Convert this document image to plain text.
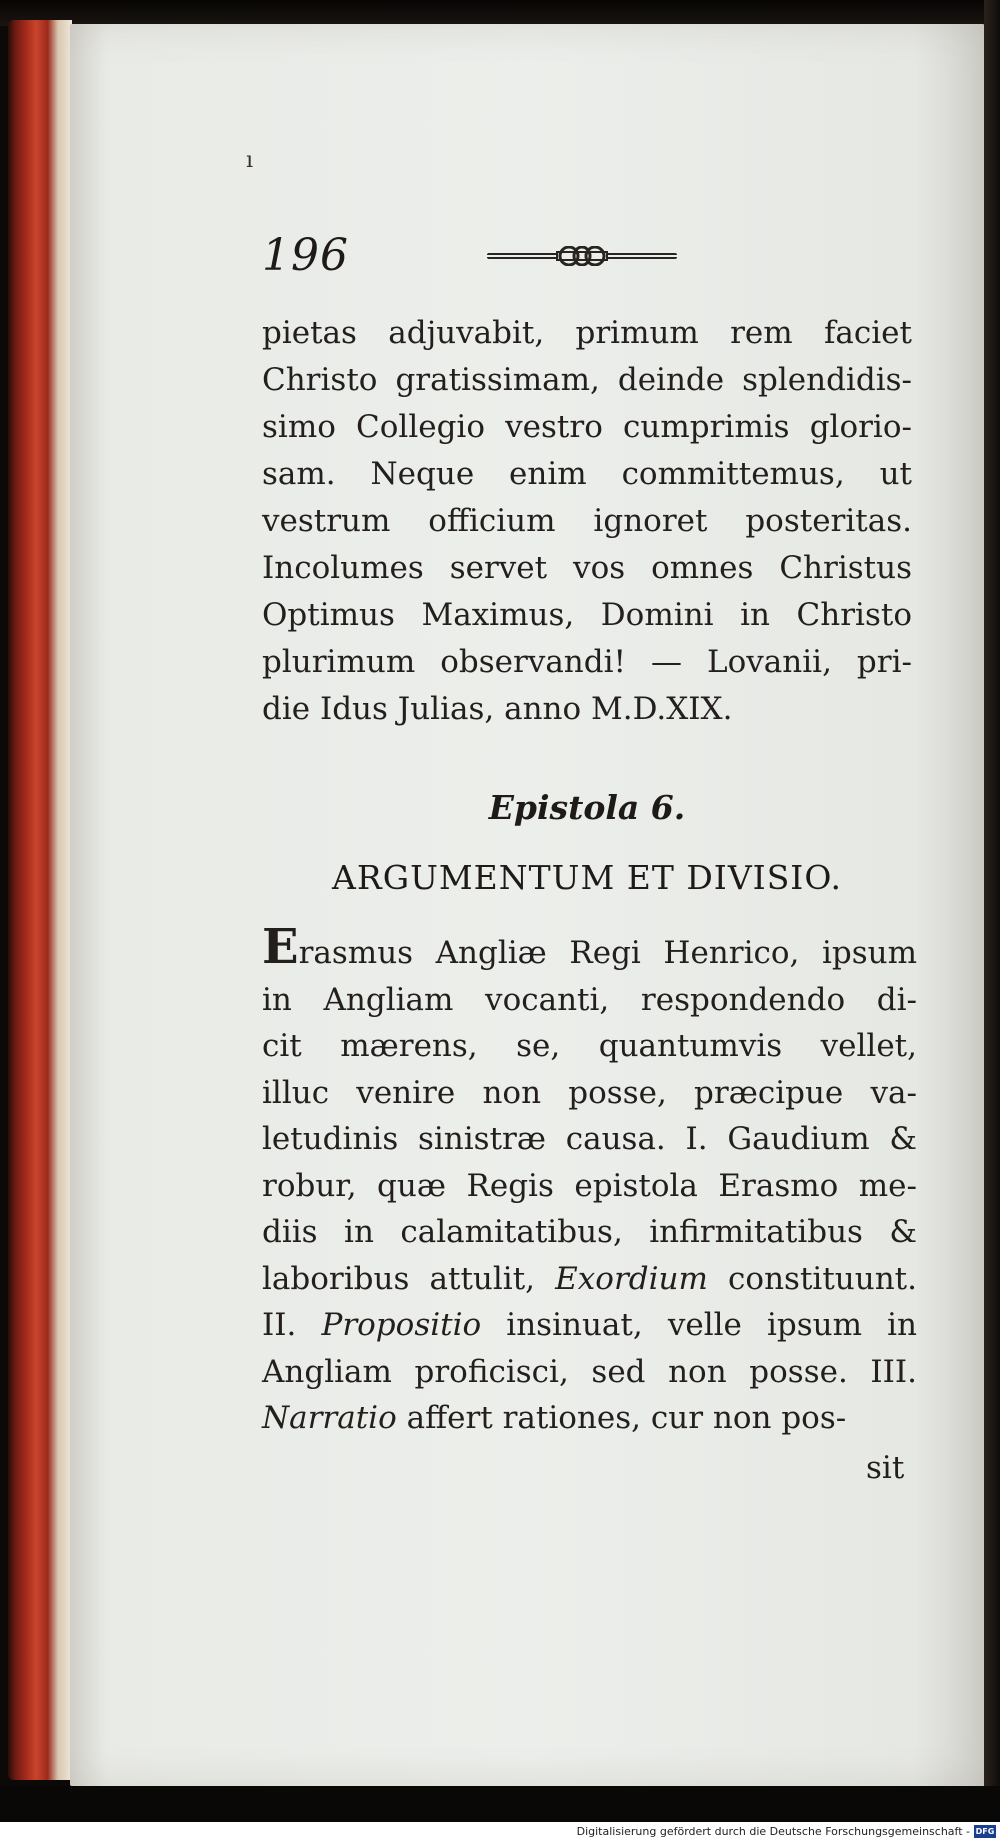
ı
196
pietas adjuvabit, primum rem faciet
Christo gratissimam, deinde splendidis-
simo Collegio vestro cumprimis glorio-
sam. Neque enim committemus, ut
vestrum officium ignoret posteritas.
Incolumes servet vos omnes Christus
Optimus Maximus, Domini in Christo
plurimum observandi! — Lovanii, pri-
die Idus Julias, anno M.D.XIX.
Epistola 6.
ARGUMENTUM ET DIVISIO.
Erasmus Angliæ Regi Henrico, ipsum
in Angliam vocanti, respondendo di-
cit mærens, se, quantumvis vellet,
illuc venire non posse, præcipue va-
letudinis sinistræ causa. I. Gaudium &
robur, quæ Regis epistola Erasmo me-
diis in calamitatibus, infirmitatibus &
laboribus attulit, Exordium constituunt.
II. Propositio insinuat, velle ipsum in
Angliam proficisci, sed non posse. III.
Narratio affert rationes, cur non pos-
sit
Digitalisierung gefördert durch die Deutsche Forschungsgemeinschaft - DFG
